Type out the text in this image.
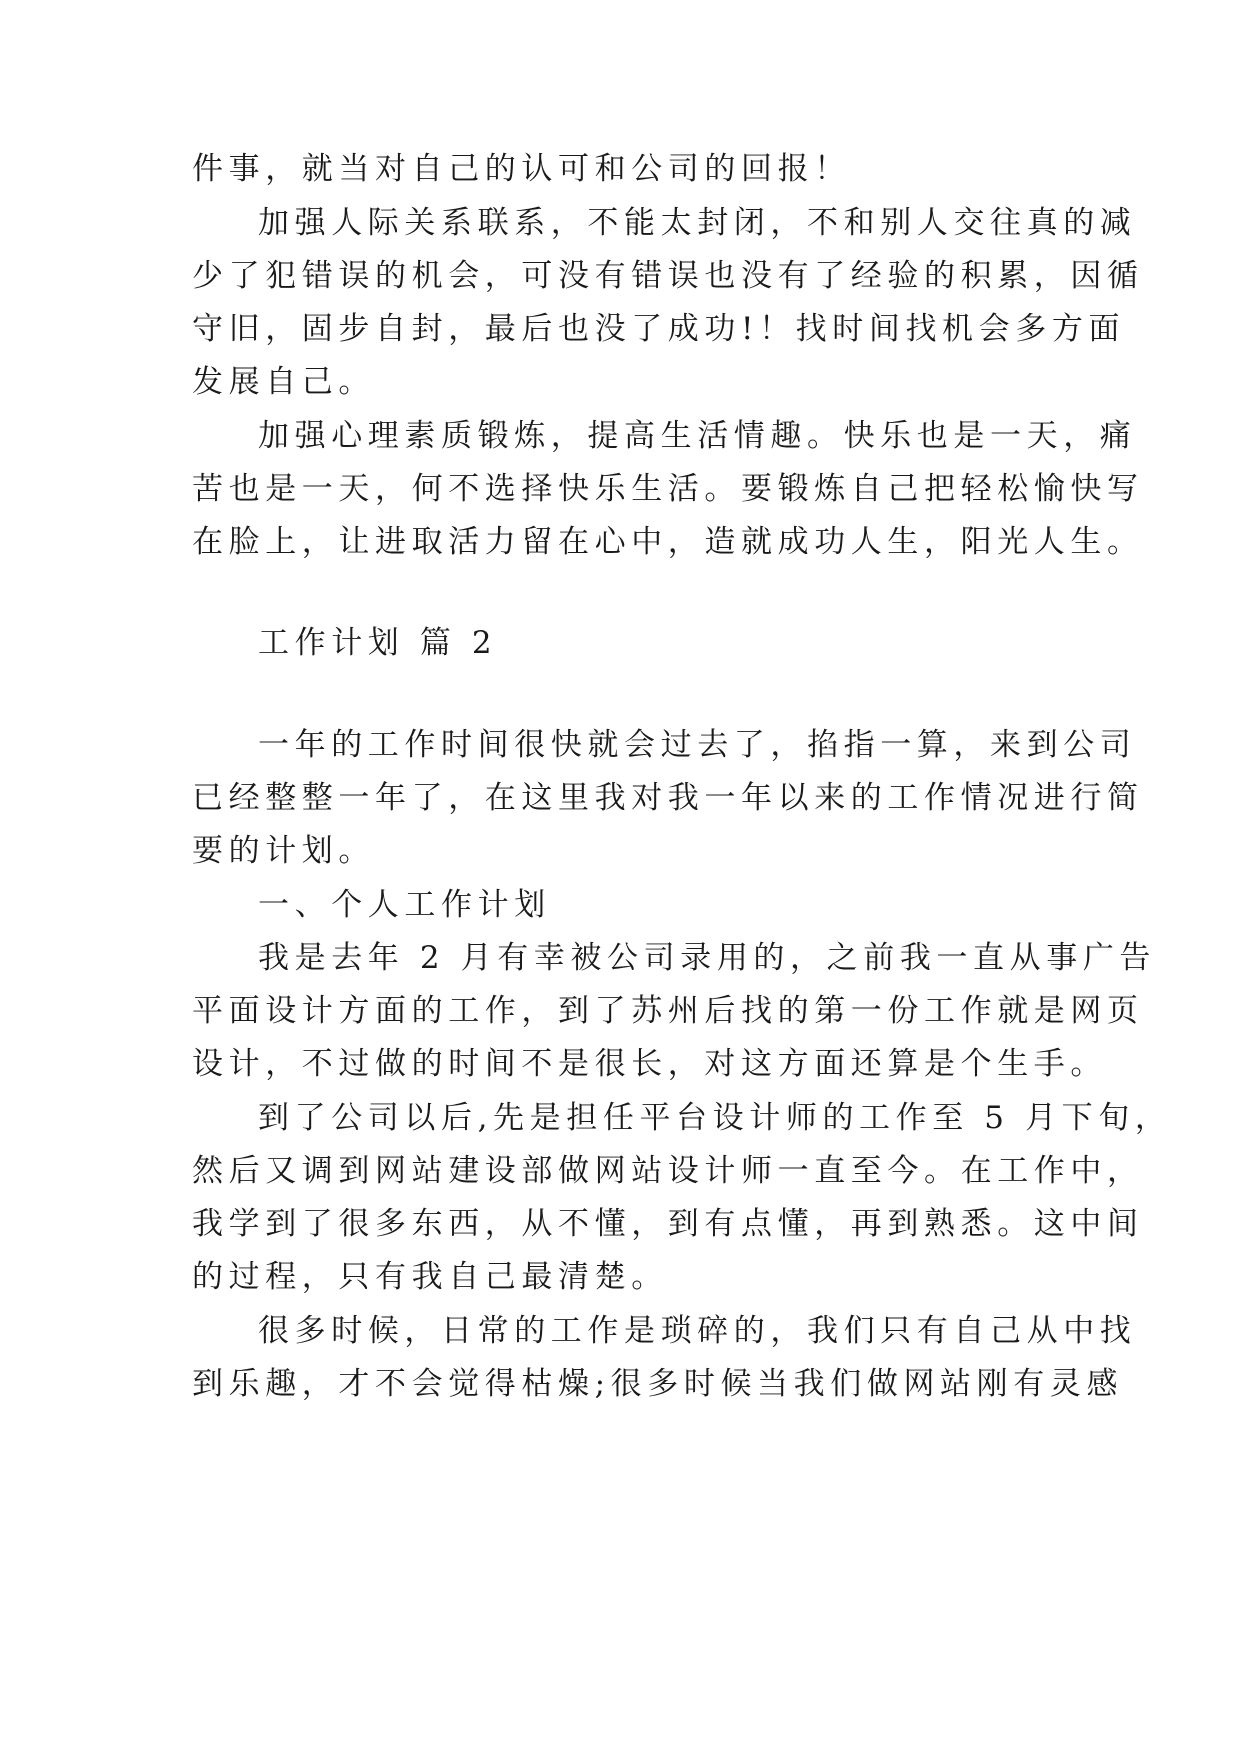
件事，就当对自己的认可和公司的回报！

加强人际关系联系，不能太封闭，不和别人交往真的减

少了犯错误的机会，可没有错误也没有了经验的积累，因循

守旧，固步自封，最后也没了成功!！找时间找机会多方面

发展自己。

加强心理素质锻炼，提高生活情趣。快乐也是一天，痛

苦也是一天，何不选择快乐生活。要锻炼自己把轻松愉快写

在脸上，让进取活力留在心中，造就成功人生，阳光人生。

工作计划 篇 2

一年的工作时间很快就会过去了，掐指一算，来到公司

已经整整一年了，在这里我对我一年以来的工作情况进行简

要的计划。

一、个人工作计划

我是去年 2 月有幸被公司录用的，之前我一直从事广告

平面设计方面的工作，到了苏州后找的第一份工作就是网页

设计，不过做的时间不是很长，对这方面还算是个生手。

到了公司以后,先是担任平台设计师的工作至 5 月下旬，

然后又调到网站建设部做网站设计师一直至今。在工作中，

我学到了很多东西，从不懂，到有点懂，再到熟悉。这中间

的过程，只有我自己最清楚。

很多时候，日常的工作是琐碎的，我们只有自己从中找

到乐趣，才不会觉得枯燥;很多时候当我们做网站刚有灵感
